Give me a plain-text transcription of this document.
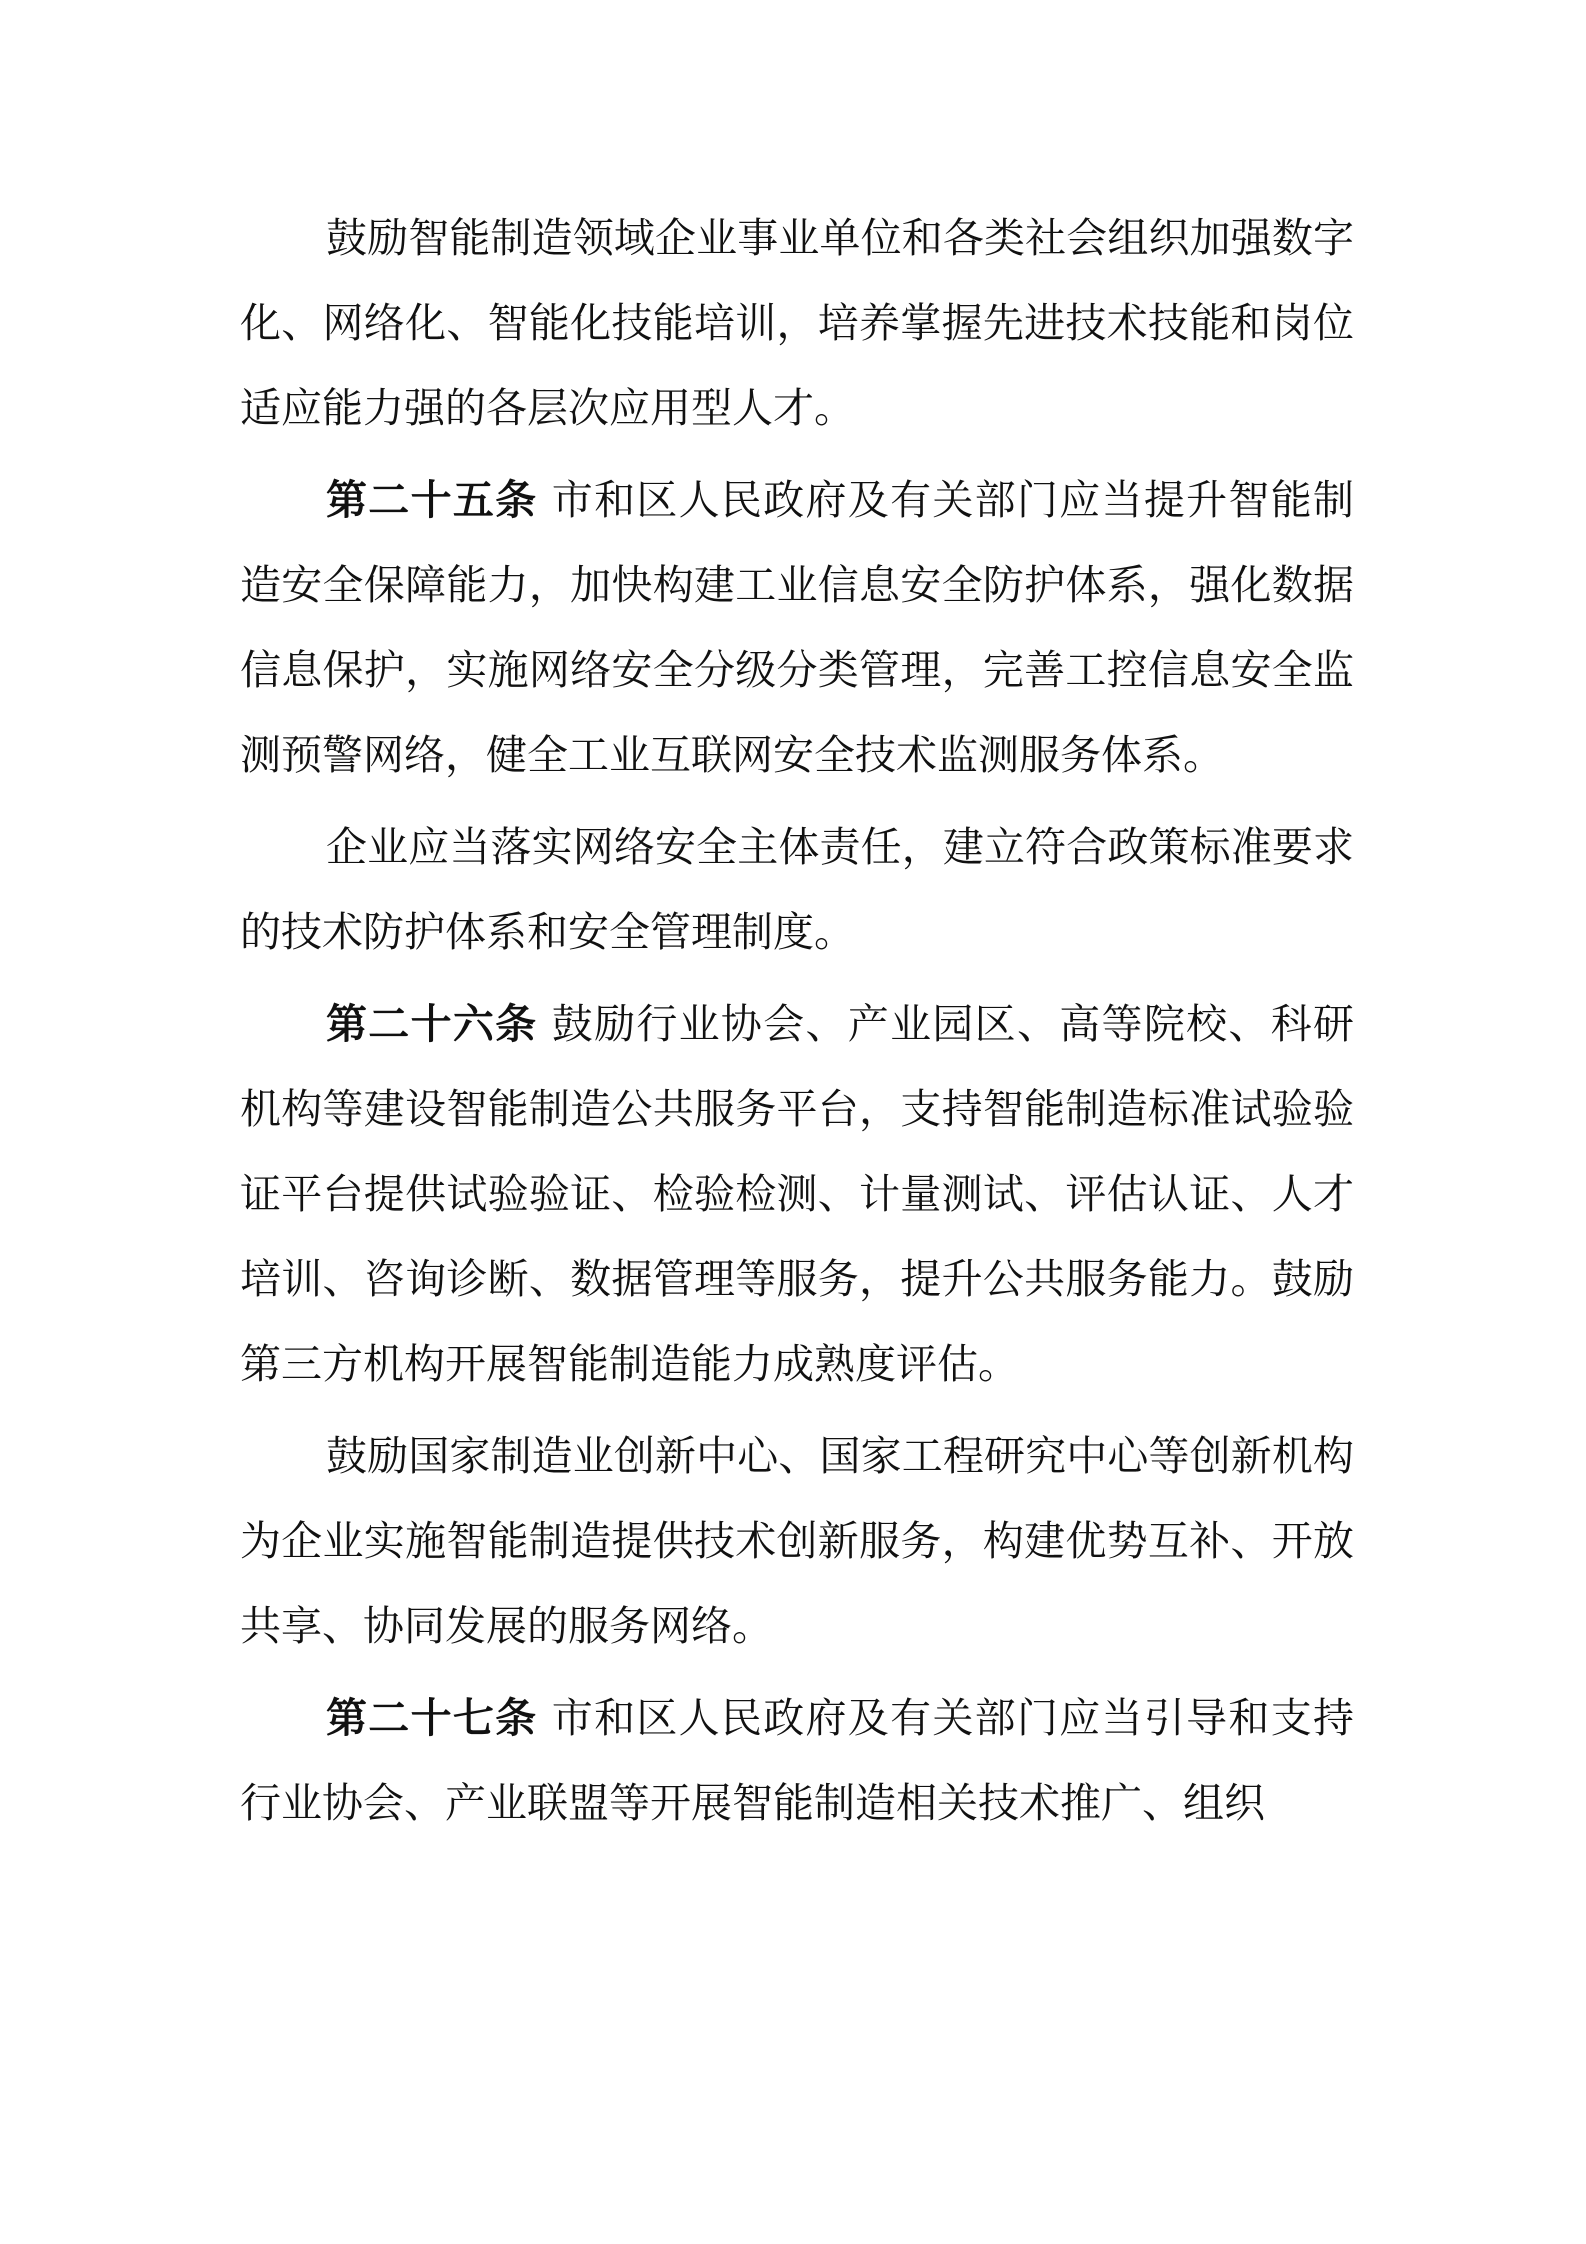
鼓励智能制造领域企业事业单位和各类社会组织加强数字化、网络化、智能化技能培训，培养掌握先进技术技能和岗位适应能力强的各层次应用型人才。

第二十五条 市和区人民政府及有关部门应当提升智能制造安全保障能力，加快构建工业信息安全防护体系，强化数据信息保护，实施网络安全分级分类管理，完善工控信息安全监测预警网络，健全工业互联网安全技术监测服务体系。

企业应当落实网络安全主体责任，建立符合政策标准要求的技术防护体系和安全管理制度。

第二十六条 鼓励行业协会、产业园区、高等院校、科研机构等建设智能制造公共服务平台，支持智能制造标准试验验证平台提供试验验证、检验检测、计量测试、评估认证、人才培训、咨询诊断、数据管理等服务，提升公共服务能力。鼓励第三方机构开展智能制造能力成熟度评估。

鼓励国家制造业创新中心、国家工程研究中心等创新机构为企业实施智能制造提供技术创新服务，构建优势互补、开放共享、协同发展的服务网络。

第二十七条 市和区人民政府及有关部门应当引导和支持行业协会、产业联盟等开展智能制造相关技术推广、组织
